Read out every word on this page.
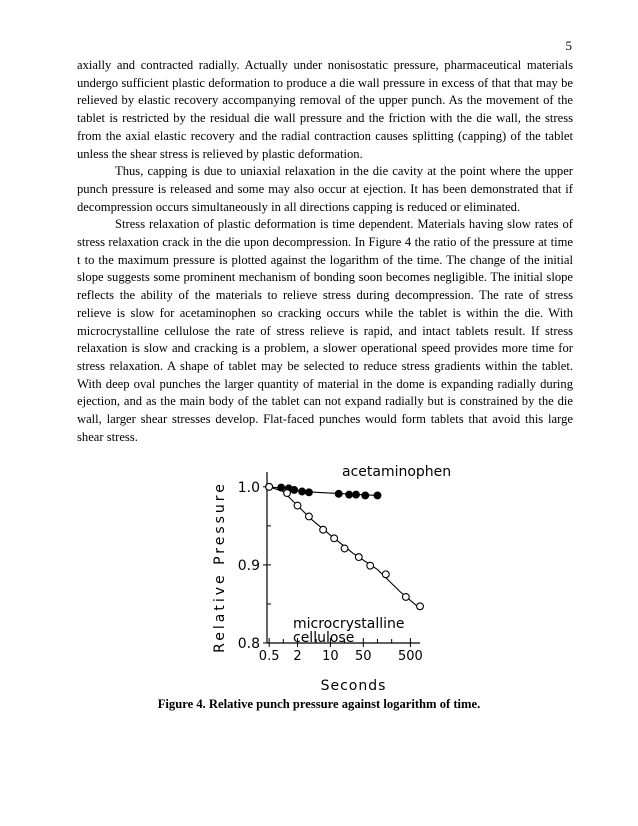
5

axially and contracted radially. Actually under nonisostatic pressure, pharmaceutical materials undergo sufficient plastic deformation to produce a die wall pressure in excess of that that may be relieved by elastic recovery accompanying removal of the upper punch. As the movement of the tablet is restricted by the residual die wall pressure and the friction with the die wall, the stress from the axial elastic recovery and the radial contraction causes splitting (capping) of the tablet unless the shear stress is relieved by plastic deformation.

Thus, capping is due to uniaxial relaxation in the die cavity at the point where the upper punch pressure is released and some may also occur at ejection. It has been demonstrated that if decompression occurs simultaneously in all directions capping is reduced or eliminated.

Stress relaxation of plastic deformation is time dependent. Materials having slow rates of stress relaxation crack in the die upon decompression. In Figure 4 the ratio of the pressure at time t to the maximum pressure is plotted against the logarithm of the time. The change of the initial slope suggests some prominent mechanism of bonding soon becomes negligible. The initial slope reflects the ability of the materials to relieve stress during decompression. The rate of stress relieve is slow for acetaminophen so cracking occurs while the tablet is within the die. With microcrystalline cellulose the rate of stress relieve is rapid, and intact tablets result. If stress relaxation is slow and cracking is a problem, a slower operational speed provides more time for stress relaxation. A shape of tablet may be selected to reduce stress gradients within the tablet. With deep oval punches the larger quantity of material in the dome is expanding radially during ejection, and as the main body of the tablet can not expand radially but is constrained by the die wall, larger shear stresses develop. Flat-faced punches would form tablets that avoid this large shear stress.

1.0
0.9
0.8
0.5 2 10 50 500
acetaminophen
microcrystalline
cellulose
Seconds
Relative Pressure
Figure 4. Relative punch pressure against logarithm of time.
